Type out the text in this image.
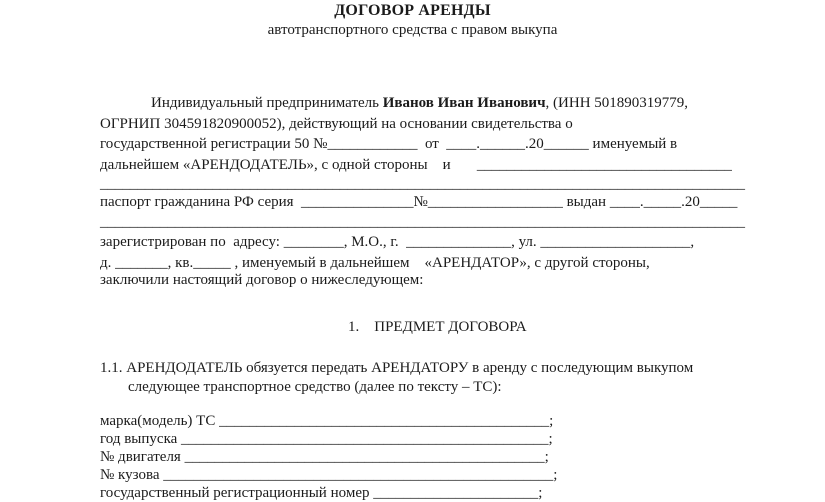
ДОГОВОР АРЕНДЫ
автотранспортного средства с правом выкупа
Индивидуальный предприниматель Иванов Иван Иванович, (ИНН 501890319779,
ОГРНИП 304591820900052), действующий на основании свидетельства о
государственной регистрации 50 №____________  от  ____.______.20______ именуемый в
дальнейшем «АРЕНДОДАТЕЛЬ», с одной стороны    и       __________________________________
______________________________________________________________________________________
паспорт гражданина РФ серия  _______________№__________________ выдан ____._____.20_____
______________________________________________________________________________________
зарегистрирован по  адресу: ________, М.О., г.  ______________, ул. ____________________,
д. _______, кв._____ , именуемый в дальнейшем    «АРЕНДАТОР», с другой стороны,
заключили настоящий договор о нижеследующем:
1.    ПРЕДМЕТ ДОГОВОРА
1.1. АРЕНДОДАТЕЛЬ обязуется передать АРЕНДАТОРУ в аренду с последующим выкупом
следующее транспортное средство (далее по тексту – ТС):
марка(модель) ТС ____________________________________________;
год выпуска _________________________________________________;
№ двигателя ________________________________________________;
№ кузова ____________________________________________________;
государственный регистрационный номер ______________________;
